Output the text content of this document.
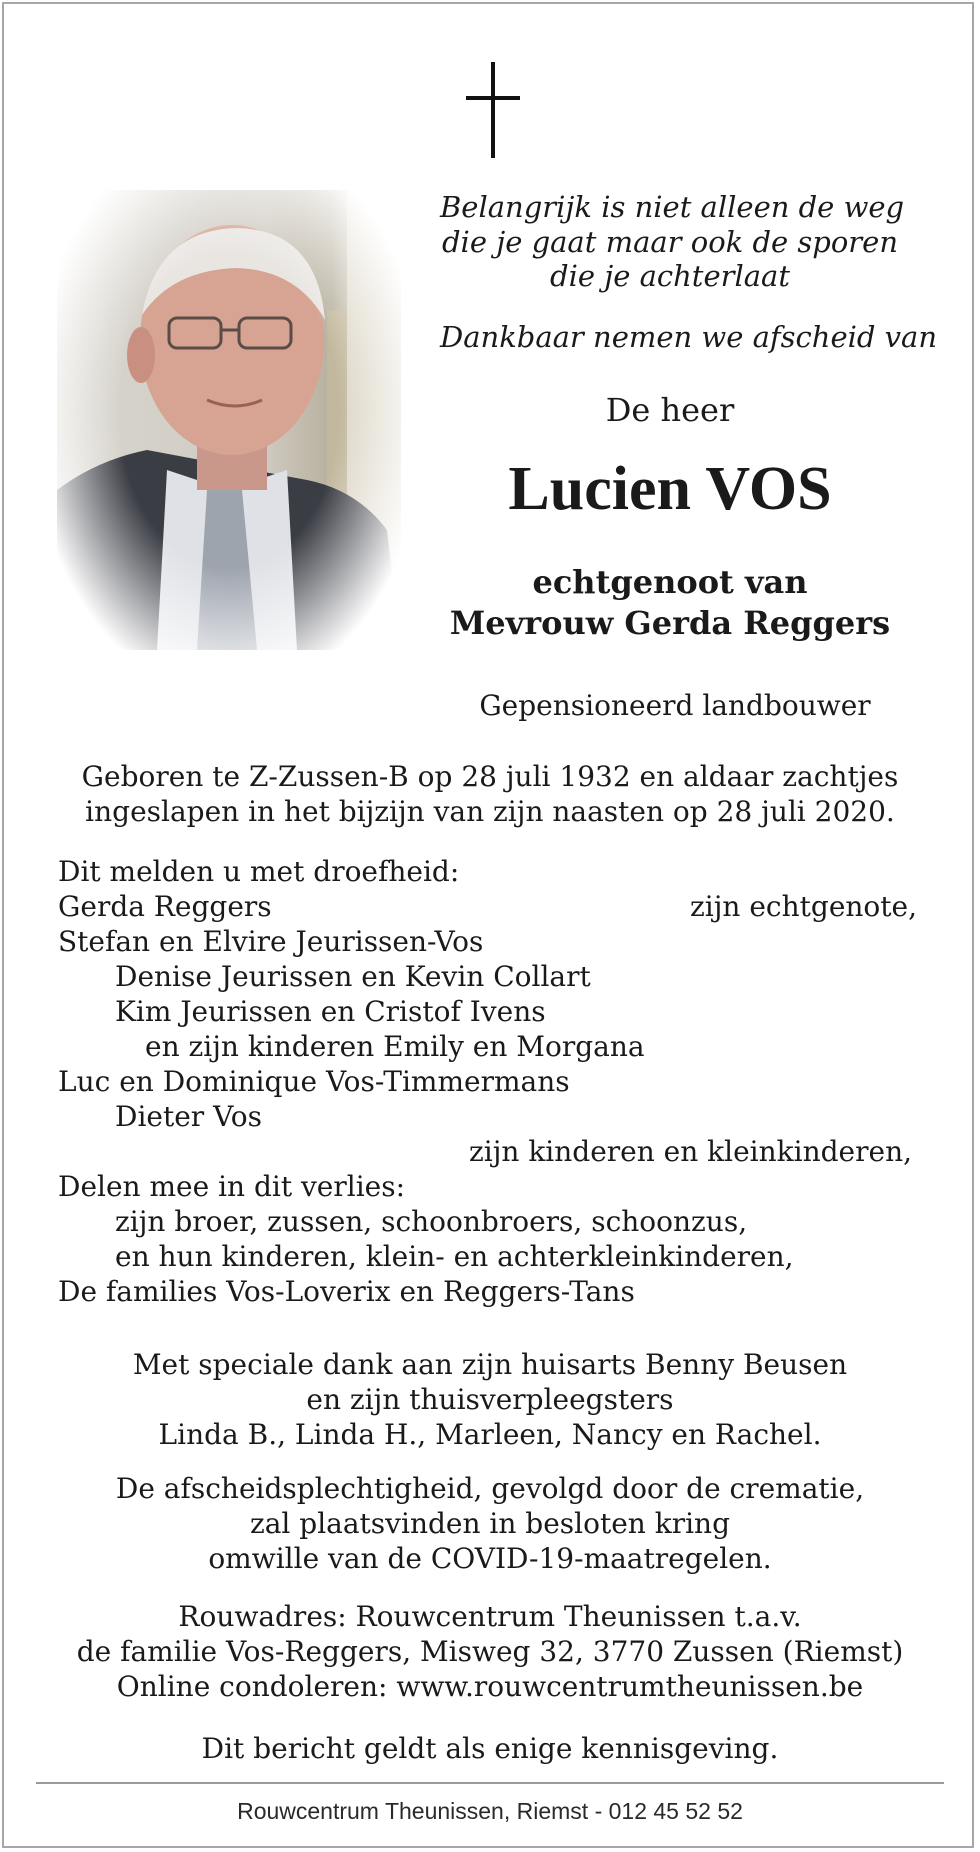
Belangrijk is niet alleen de weg
die je gaat maar ook de sporen
die je achterlaat
Dankbaar nemen we afscheid van
De heer
Lucien VOS
echtgenoot van
Mevrouw Gerda Reggers
Gepensioneerd landbouwer
Geboren te Z-Zussen-B op 28 juli 1932 en aldaar zachtjes
ingeslapen in het bijzijn van zijn naasten op 28 juli 2020.
Dit melden u met droefheid:
Gerda Reggers	zijn echtgenote,
Stefan en Elvire Jeurissen-Vos
Denise Jeurissen en Kevin Collart
Kim Jeurissen en Cristof Ivens
en zijn kinderen Emily en Morgana
Luc en Dominique Vos-Timmermans
Dieter Vos
zijn kinderen en kleinkinderen,
Delen mee in dit verlies:
zijn broer, zussen, schoonbroers, schoonzus,
en hun kinderen, klein- en achterkleinkinderen,
De families Vos-Loverix en Reggers-Tans
Met speciale dank aan zijn huisarts Benny Beusen
en zijn thuisverpleegsters
Linda B., Linda H., Marleen, Nancy en Rachel.
De afscheidsplechtigheid, gevolgd door de crematie,
zal plaatsvinden in besloten kring
omwille van de COVID-19-maatregelen.
Rouwadres: Rouwcentrum Theunissen t.a.v.
de familie Vos-Reggers, Misweg 32, 3770 Zussen (Riemst)
Online condoleren: www.rouwcentrumtheunissen.be
Dit bericht geldt als enige kennisgeving.
Rouwcentrum Theunissen, Riemst - 012 45 52 52
